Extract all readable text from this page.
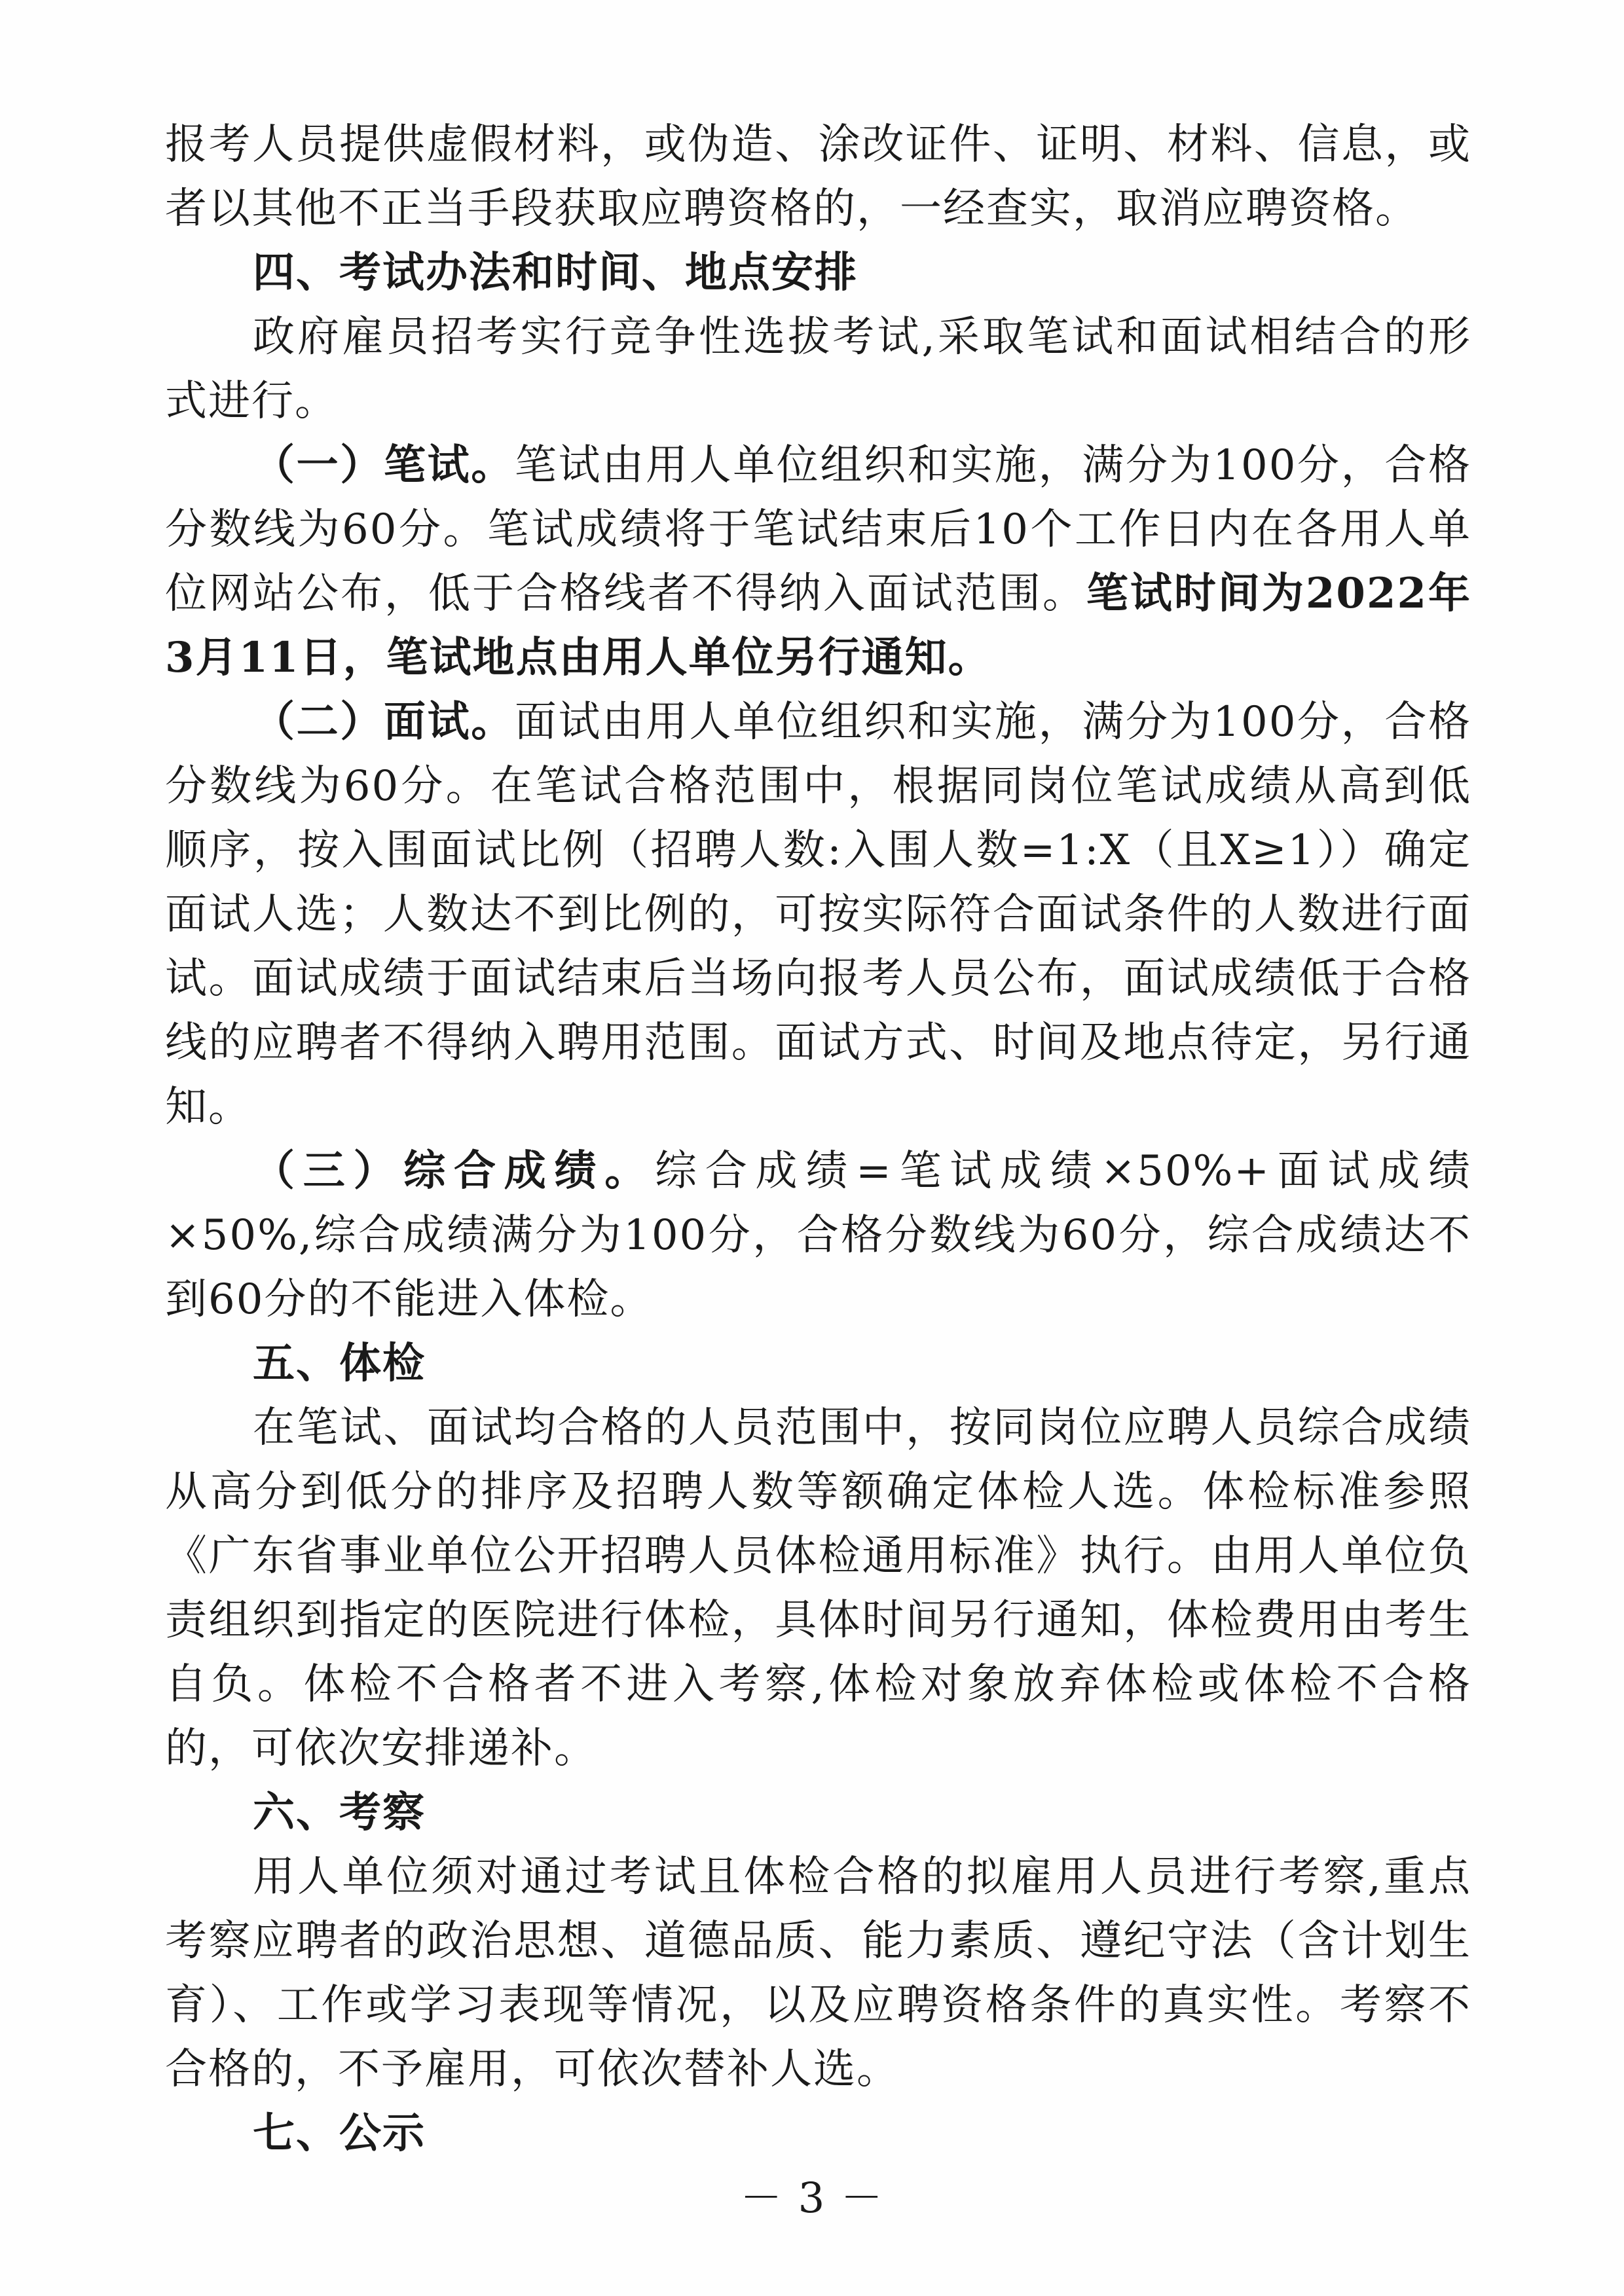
报考人员提供虚假材料，或伪造、涂改证件、证明、材料、信息，或者以其他不正当手段获取应聘资格的，一经查实，取消应聘资格。

四、考试办法和时间、地点安排

政府雇员招考实行竞争性选拔考试,采取笔试和面试相结合的形式进行。

（一）笔试。笔试由用人单位组织和实施，满分为100分，合格分数线为60分。笔试成绩将于笔试结束后10个工作日内在各用人单位网站公布，低于合格线者不得纳入面试范围。笔试时间为2022年3月11日，笔试地点由用人单位另行通知。

（二）面试。面试由用人单位组织和实施，满分为100分，合格分数线为60分。在笔试合格范围中，根据同岗位笔试成绩从高到低顺序，按入围面试比例（招聘人数:入围人数=1:X（且X≥1））确定面试人选；人数达不到比例的，可按实际符合面试条件的人数进行面试。面试成绩于面试结束后当场向报考人员公布，面试成绩低于合格线的应聘者不得纳入聘用范围。面试方式、时间及地点待定，另行通知。

（三）综合成绩。综合成绩=笔试成绩×50%+面试成绩×50%,综合成绩满分为100分，合格分数线为60分，综合成绩达不到60分的不能进入体检。

五、体检

在笔试、面试均合格的人员范围中，按同岗位应聘人员综合成绩从高分到低分的排序及招聘人数等额确定体检人选。体检标准参照《广东省事业单位公开招聘人员体检通用标准》执行。由用人单位负责组织到指定的医院进行体检，具体时间另行通知，体检费用由考生自负。体检不合格者不进入考察,体检对象放弃体检或体检不合格的，可依次安排递补。

六、考察

用人单位须对通过考试且体检合格的拟雇用人员进行考察,重点考察应聘者的政治思想、道德品质、能力素质、遵纪守法（含计划生育）、工作或学习表现等情况，以及应聘资格条件的真实性。考察不合格的，不予雇用，可依次替补人选。

七、公示

－ 3 －
